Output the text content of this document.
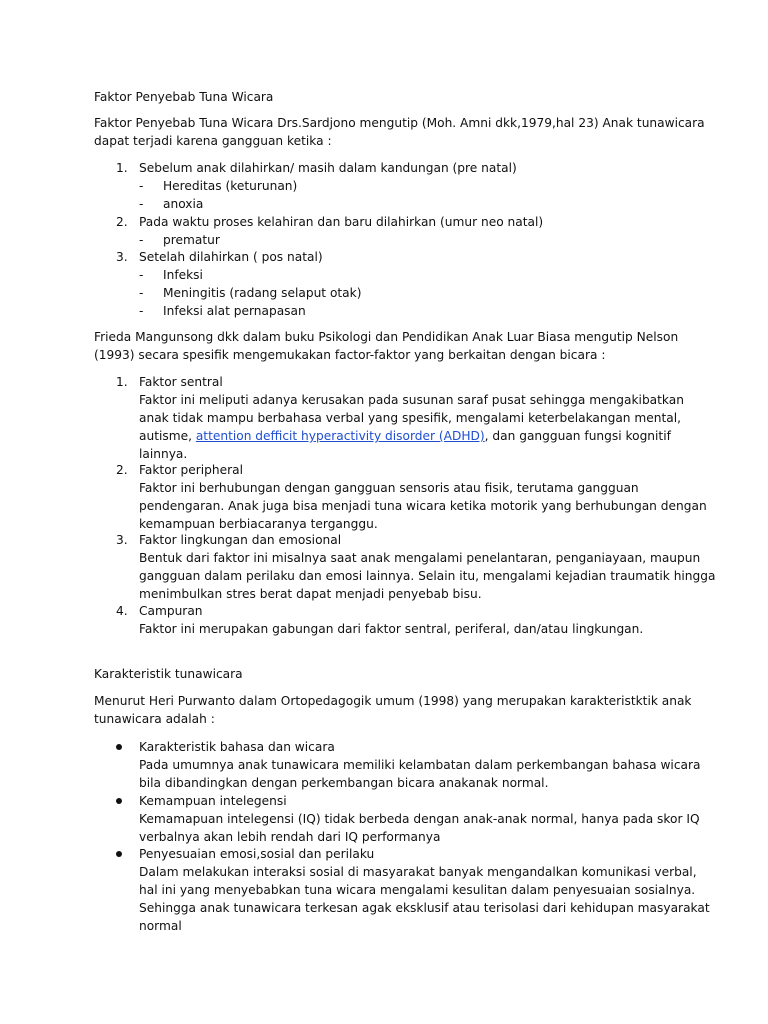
Faktor Penyebab Tuna Wicara
Faktor Penyebab Tuna Wicara Drs.Sardjono mengutip (Moh. Amni dkk,1979,hal 23) Anak tunawicara
dapat terjadi karena gangguan ketika :
1. Sebelum anak dilahirkan/ masih dalam kandungan (pre natal)
- Hereditas (keturunan)
- anoxia
2. Pada waktu proses kelahiran dan baru dilahirkan (umur neo natal)
- prematur
3. Setelah dilahirkan ( pos natal)
- Infeksi
- Meningitis (radang selaput otak)
- Infeksi alat pernapasan
Frieda Mangunsong dkk dalam buku Psikologi dan Pendidikan Anak Luar Biasa mengutip Nelson
(1993) secara spesifik mengemukakan factor-faktor yang berkaitan dengan bicara :
1. Faktor sentral
Faktor ini meliputi adanya kerusakan pada susunan saraf pusat sehingga mengakibatkan
anak tidak mampu berbahasa verbal yang spesifik, mengalami keterbelakangan mental,
autisme, attention defficit hyperactivity disorder (ADHD), dan gangguan fungsi kognitif
lainnya.
2. Faktor peripheral
Faktor ini berhubungan dengan gangguan sensoris atau fisik, terutama gangguan
pendengaran. Anak juga bisa menjadi tuna wicara ketika motorik yang berhubungan dengan
kemampuan berbiacaranya terganggu.
3. Faktor lingkungan dan emosional
Bentuk dari faktor ini misalnya saat anak mengalami penelantaran, penganiayaan, maupun
gangguan dalam perilaku dan emosi lainnya. Selain itu, mengalami kejadian traumatik hingga
menimbulkan stres berat dapat menjadi penyebab bisu.
4. Campuran
Faktor ini merupakan gabungan dari faktor sentral, periferal, dan/atau lingkungan.
Karakteristik tunawicara
Menurut Heri Purwanto dalam Ortopedagogik umum (1998) yang merupakan karakteristktik anak
tunawicara adalah :
Karakteristik bahasa dan wicara
Pada umumnya anak tunawicara memiliki kelambatan dalam perkembangan bahasa wicara
bila dibandingkan dengan perkembangan bicara anakanak normal.
Kemampuan intelegensi
Kemamapuan intelegensi (IQ) tidak berbeda dengan anak-anak normal, hanya pada skor IQ
verbalnya akan lebih rendah dari IQ performanya
Penyesuaian emosi,sosial dan perilaku
Dalam melakukan interaksi sosial di masyarakat banyak mengandalkan komunikasi verbal,
hal ini yang menyebabkan tuna wicara mengalami kesulitan dalam penyesuaian sosialnya.
Sehingga anak tunawicara terkesan agak eksklusif atau terisolasi dari kehidupan masyarakat
normal
